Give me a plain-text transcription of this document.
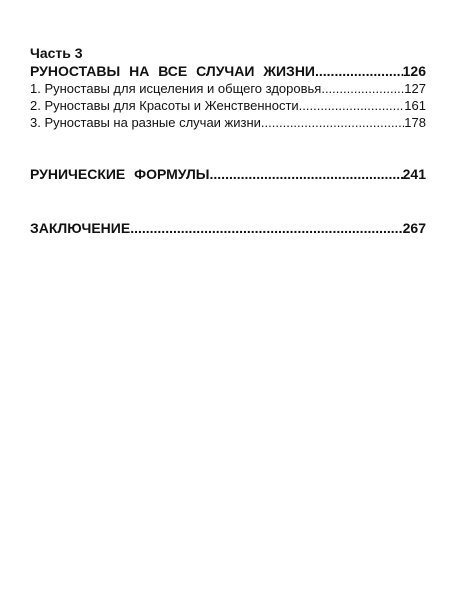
Часть 3
РУНОСТАВЫ НА ВСЕ СЛУЧАИ ЖИЗНИ .....	126
1. Руноставы для исцеления и общего здоровья .....	127
2. Руноставы для Красоты и Женственности .....	161
3. Руноставы на разные случаи жизни .....	178
РУНИЧЕСКИЕ ФОРМУЛЫ .....	241
ЗАКЛЮЧЕНИЕ .....	267
